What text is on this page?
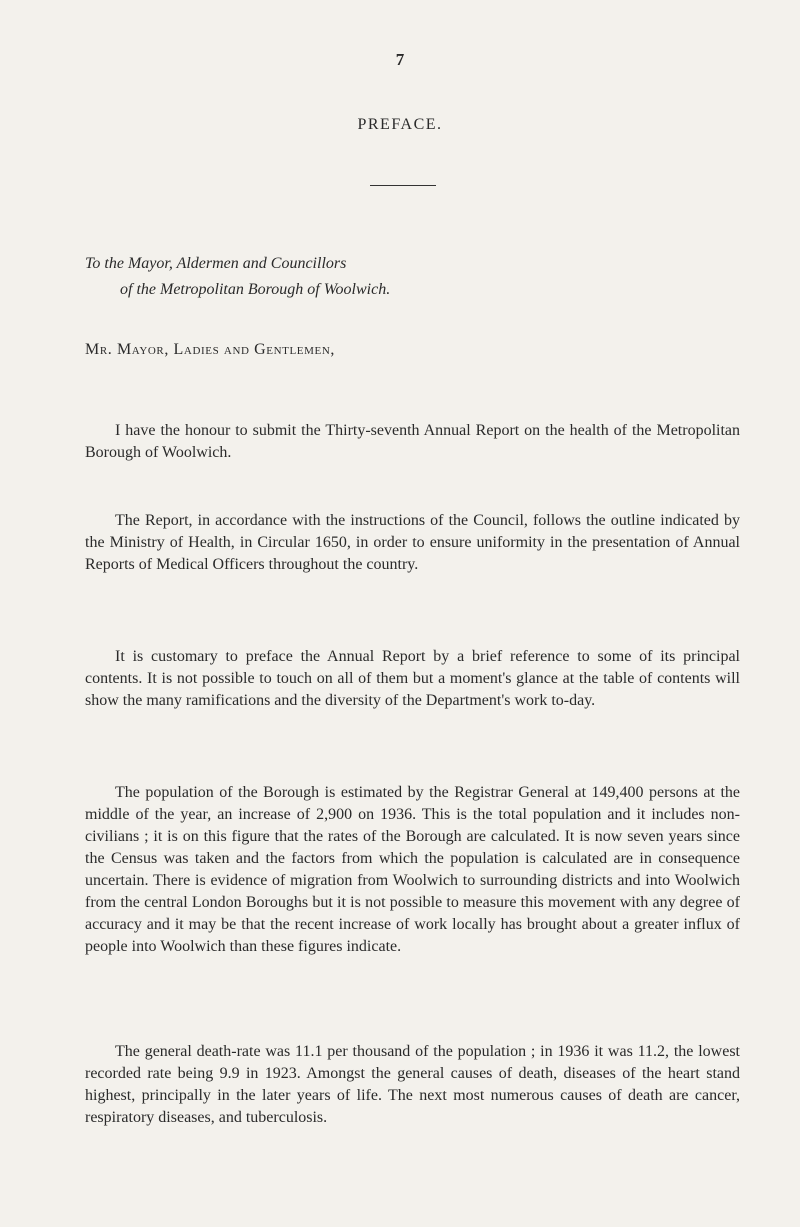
7
PREFACE.
To the Mayor, Aldermen and Councillors
of the Metropolitan Borough of Woolwich.
Mr. Mayor, Ladies and Gentlemen,

I have the honour to submit the Thirty-seventh Annual Report on the health of the Metropolitan Borough of Woolwich.

The Report, in accordance with the instructions of the Council, follows the outline indicated by the Ministry of Health, in Circular 1650, in order to ensure uniformity in the presentation of Annual Reports of Medical Officers throughout the country.

It is customary to preface the Annual Report by a brief reference to some of its principal contents. It is not possible to touch on all of them but a moment's glance at the table of contents will show the many ramifications and the diversity of the Department's work to-day.

The population of the Borough is estimated by the Registrar General at 149,400 persons at the middle of the year, an increase of 2,900 on 1936. This is the total population and it includes non-civilians ; it is on this figure that the rates of the Borough are calculated. It is now seven years since the Census was taken and the factors from which the population is calculated are in consequence uncertain. There is evidence of migration from Woolwich to surrounding districts and into Woolwich from the central London Boroughs but it is not possible to measure this movement with any degree of accuracy and it may be that the recent increase of work locally has brought about a greater influx of people into Woolwich than these figures indicate.

The general death-rate was 11.1 per thousand of the population ; in 1936 it was 11.2, the lowest recorded rate being 9.9 in 1923. Amongst the general causes of death, diseases of the heart stand highest, principally in the later years of life. The next most numerous causes of death are cancer, respiratory diseases, and tuberculosis.
